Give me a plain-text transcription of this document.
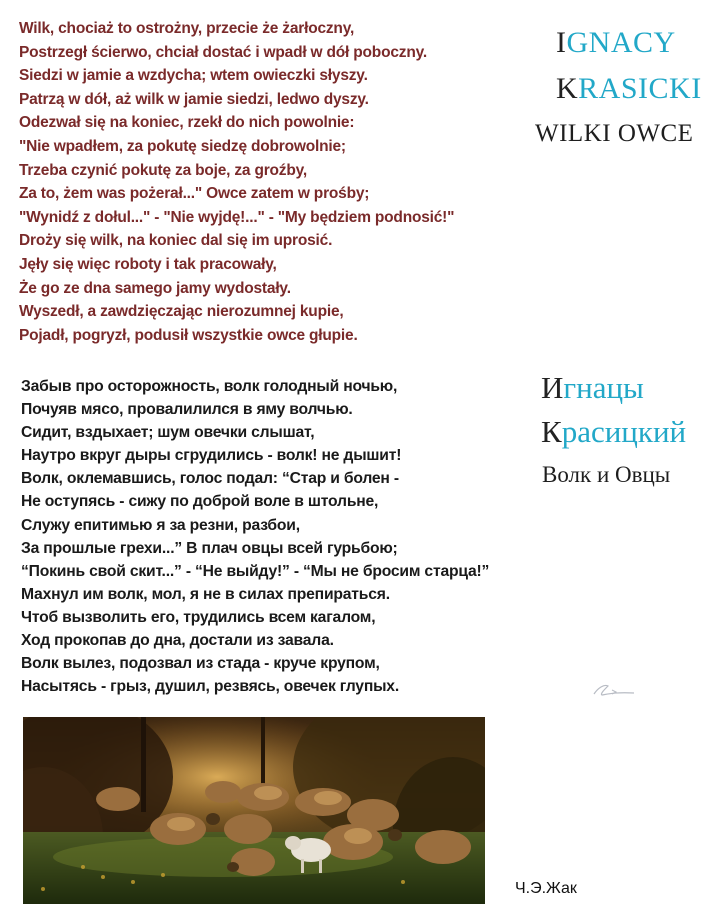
Wilk, chociaż to ostrożny, przecie że żarłoczny,
Postrzegł ścierwo, chciał dostać i wpadł w dół poboczny.
Siedzi w jamie a wzdycha; wtem owieczki słyszy.
Patrzą w dół, aż wilk w jamie siedzi, ledwo dyszy.
Odezwał się na koniec, rzekł do nich powolnie:
"Nie wpadłem, za pokutę siedzę dobrowolnie;
Trzeba czynić pokutę za boje, za groźby,
Za to, żem was pożerał..." Owce zatem w prośby;
"Wynidź z dołul..." - "Nie wyjdę!..." - "My będziem podnosić!"
Droży się wilk, na koniec dal się im uprosić.
Jęły się więc roboty i tak pracowały,
Że go ze dna samego jamy wydostały.
Wyszedł, a zawdzięczając nierozumnej kupie,
Pojadł, pogryzł, podusił wszystkie owce głupie.
IGNACY
KRASICKI
WILKI OWCE
Забыв про осторожность, волк голодный ночью,
Почуяв мясо, провалилился в яму волчью.
Сидит, вздыхает; шум овечки слышат,
Наутро вкруг дыры сгрудились - волк! не дышит!
Волк, оклемавшись, голос подал: “Стар и болен -
Не оступясь - сижу по доброй воле в штольне,
Служу епитимью я за резни, разбои,
За прошлые грехи...” В плач овцы всей гурьбою;
“Покинь свой скит...” - “Не выйду!” - “Мы не бросим старца!”
Махнул им волк, мол, я не в силах препираться.
Чтоб вызволить его, трудились всем кагалом,
Ход прокопав до дна, достали из завала.
Волк вылез, подозвал из стада - круче крупом,
Насытясь - грыз, душил, резвясь, овечек глупых.
Игнацы
Красицкий
Волк и Овцы
Ч.Э.Жак
